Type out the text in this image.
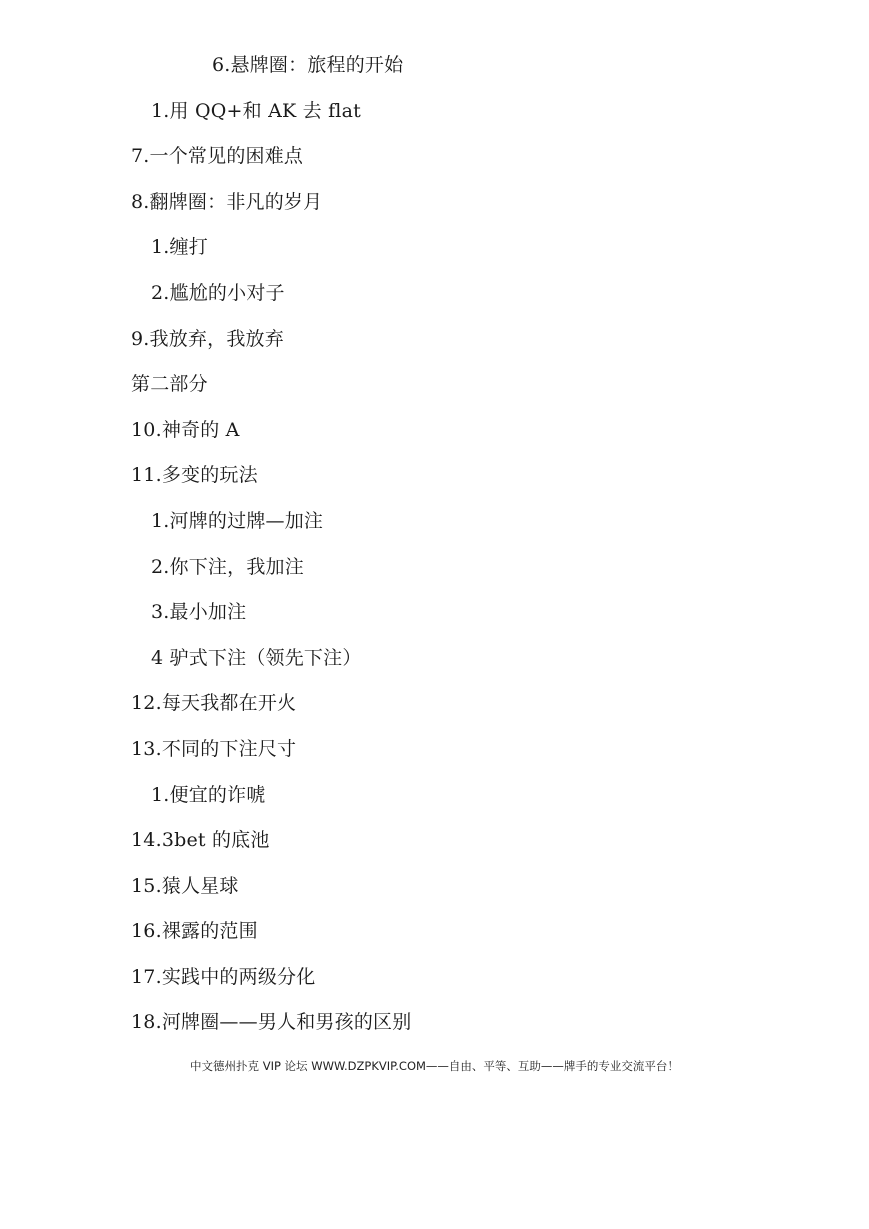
6.悬牌圈：旅程的开始
1.用 QQ+和 AK 去 flat
7.一个常见的困难点
8.翻牌圈：非凡的岁月
1.缠打
2.尴尬的小对子
9.我放弃，我放弃
第二部分
10.神奇的 A
11.多变的玩法
1.河牌的过牌—加注
2.你下注，我加注
3.最小加注
4 驴式下注（领先下注）
12.每天我都在开火
13.不同的下注尺寸
1.便宜的诈唬
14.3bet 的底池
15.猿人星球
16.裸露的范围
17.实践中的两级分化
18.河牌圈——男人和男孩的区别
中文德州扑克 VIP 论坛 WWW.DZPKVIP.COM——自由、平等、互助——牌手的专业交流平台！
